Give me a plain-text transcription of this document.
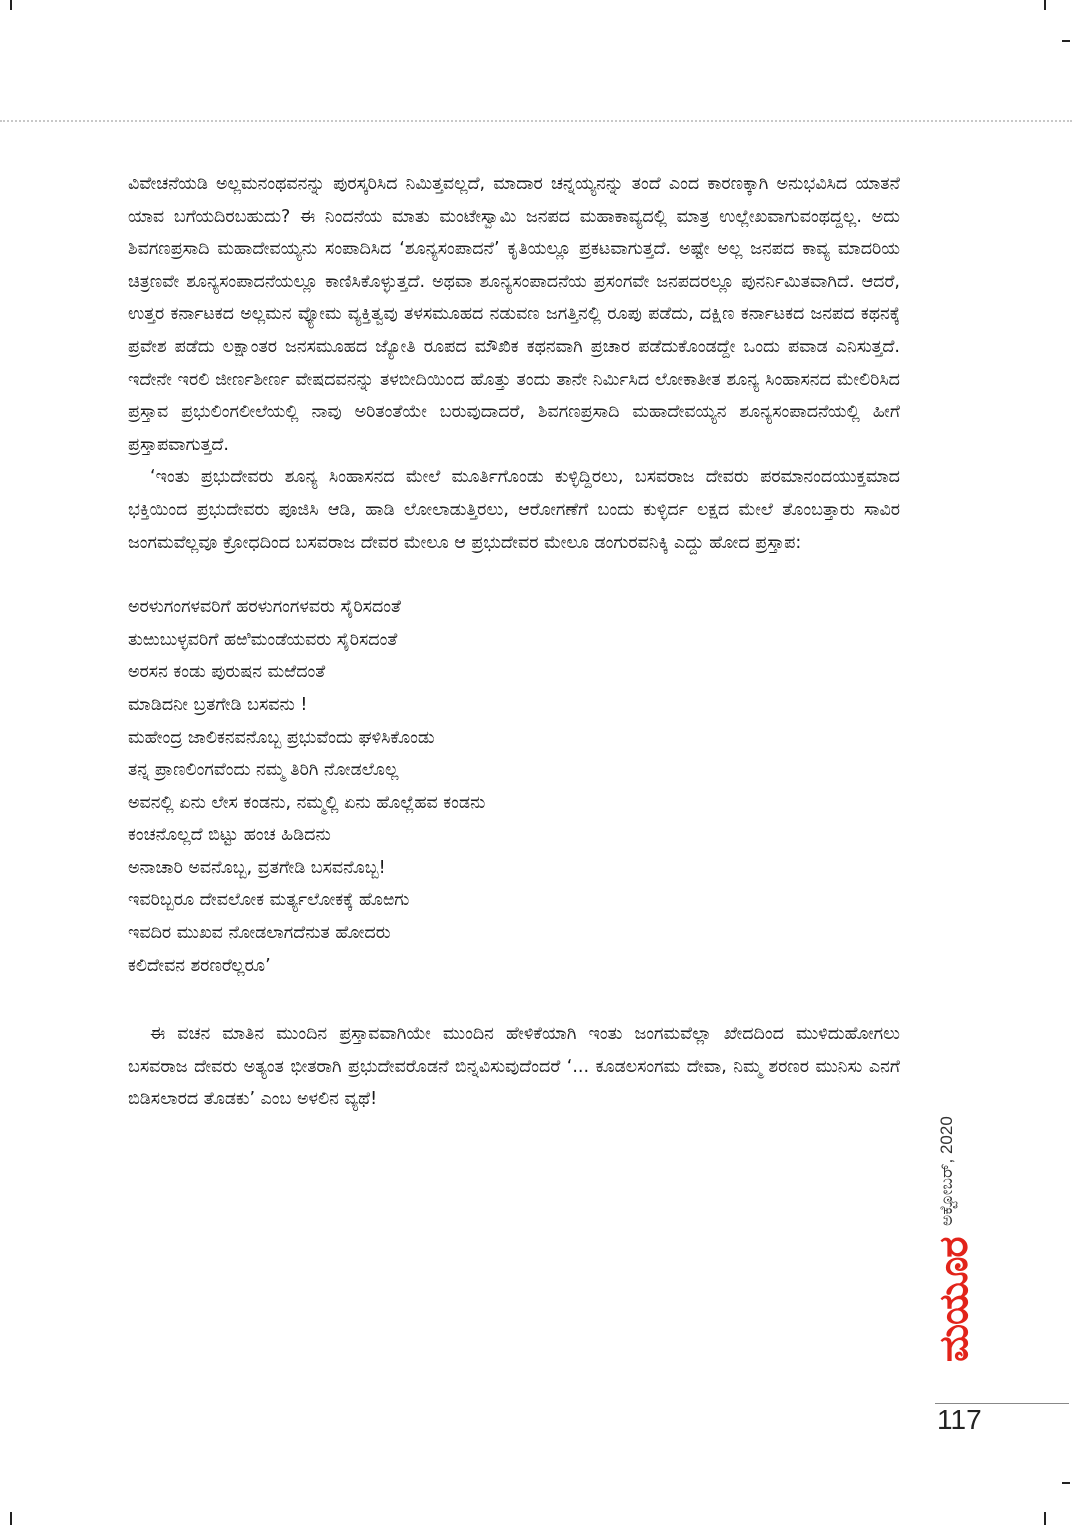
ವಿವೇಚನೆಯಡಿ ಅಲ್ಲಮನಂಥವನನ್ನು ಪುರಸ್ಕರಿಸಿದ ನಿಮಿತ್ತವಲ್ಲದೆ, ಮಾದಾರ ಚನ್ನಯ್ಯನನ್ನು ತಂದೆ ಎಂದ ಕಾರಣಕ್ಕಾಗಿ ಅನುಭವಿಸಿದ ಯಾತನೆ ಯಾವ ಬಗೆಯದಿರಬಹುದು? ಈ ನಿಂದನೆಯ ಮಾತು ಮಂಟೇಸ್ವಾಮಿ ಜನಪದ ಮಹಾಕಾವ್ಯದಲ್ಲಿ ಮಾತ್ರ ಉಲ್ಲೇಖವಾಗುವಂಥದ್ದಲ್ಲ. ಅದು ಶಿವಗಣಪ್ರಸಾದಿ ಮಹಾದೇವಯ್ಯನು ಸಂಪಾದಿಸಿದ ‘ಶೂನ್ಯಸಂಪಾದನೆ’ ಕೃತಿಯಲ್ಲೂ ಪ್ರಕಟವಾಗುತ್ತದೆ. ಅಷ್ಟೇ ಅಲ್ಲ ಜನಪದ ಕಾವ್ಯ ಮಾದರಿಯ ಚಿತ್ರಣವೇ ಶೂನ್ಯಸಂಪಾದನೆಯಲ್ಲೂ ಕಾಣಿಸಿಕೊಳ್ಳುತ್ತದೆ. ಅಥವಾ ಶೂನ್ಯಸಂಪಾದನೆಯ ಪ್ರಸಂಗವೇ ಜನಪದರಲ್ಲೂ ಪುನರ್ನಿಮಿತವಾಗಿದೆ. ಆದರೆ, ಉತ್ತರ ಕರ್ನಾಟಕದ ಅಲ್ಲಮನ ವ್ಯೋಮ ವ್ಯಕ್ತಿತ್ವವು ತಳಸಮೂಹದ ನಡುವಣ ಜಗತ್ತಿನಲ್ಲಿ ರೂಪು ಪಡೆದು, ದಕ್ಷಿಣ ಕರ್ನಾಟಕದ ಜನಪದ ಕಥನಕ್ಕೆ ಪ್ರವೇಶ ಪಡೆದು ಲಕ್ಷಾಂತರ ಜನಸಮೂಹದ ಜ್ಯೋತಿ ರೂಪದ ಮೌಖಿಕ ಕಥನವಾಗಿ ಪ್ರಚಾರ ಪಡೆದುಕೊಂಡದ್ದೇ ಒಂದು ಪವಾಡ ಎನಿಸುತ್ತದೆ. ಇದೇನೇ ಇರಲಿ ಜೀರ್ಣಶೀರ್ಣ ವೇಷದವನನ್ನು ತಳಬೀದಿಯಿಂದ ಹೊತ್ತು ತಂದು ತಾನೇ ನಿರ್ಮಿಸಿದ ಲೋಕಾತೀತ ಶೂನ್ಯ ಸಿಂಹಾಸನದ ಮೇಲಿರಿಸಿದ ಪ್ರಸ್ತಾವ ಪ್ರಭುಲಿಂಗಲೀಲೆಯಲ್ಲಿ ನಾವು ಅರಿತಂತೆಯೇ ಬರುವುದಾದರೆ, ಶಿವಗಣಪ್ರಸಾದಿ ಮಹಾದೇವಯ್ಯನ ಶೂನ್ಯಸಂಪಾದನೆಯಲ್ಲಿ ಹೀಗೆ ಪ್ರಸ್ತಾಪವಾಗುತ್ತದೆ.

‘ಇಂತು ಪ್ರಭುದೇವರು ಶೂನ್ಯ ಸಿಂಹಾಸನದ ಮೇಲೆ ಮೂರ್ತಿಗೊಂಡು ಕುಳ್ಳಿದ್ದಿರಲು, ಬಸವರಾಜ ದೇವರು ಪರಮಾನಂದಯುಕ್ತಮಾದ ಭಕ್ತಿಯಿಂದ ಪ್ರಭುದೇವರು ಪೂಜಿಸಿ ಆಡಿ, ಹಾಡಿ ಲೋಲಾಡುತ್ತಿರಲು, ಆರೋಗಣೆಗೆ ಬಂದು ಕುಳ್ಳಿರ್ದ ಲಕ್ಷದ ಮೇಲೆ ತೊಂಬತ್ತಾರು ಸಾವಿರ ಜಂಗಮವೆಲ್ಲವೂ ಕ್ರೋಧದಿಂದ ಬಸವರಾಜ ದೇವರ ಮೇಲೂ ಆ ಪ್ರಭುದೇವರ ಮೇಲೂ ಡಂಗುರವನಿಕ್ಕಿ ಎದ್ದು ಹೋದ ಪ್ರಸ್ತಾಪ:

ಅರಳುಗಂಗಳವರಿಗೆ ಹರಳುಗಂಗಳವರು ಸೈರಿಸದಂತೆ
ತುಱುಬುಳ್ಳವರಿಗೆ ಹಱಿಮಂಡೆಯವರು ಸೈರಿಸದಂತೆ
ಅರಸನ ಕಂಡು ಪುರುಷನ ಮಱೆದಂತೆ
ಮಾಡಿದನೀ ಬ್ರತಗೇಡಿ ಬಸವನು !
ಮಹೇಂದ್ರ ಜಾಲಿಕನವನೊಬ್ಬ ಪ್ರಭುವೆಂದು ಘಳಿಸಿಕೊಂಡು
ತನ್ನ ಪ್ರಾಣಲಿಂಗವೆಂದು ನಮ್ಮ ತಿರಿಗಿ ನೋಡಲೊಲ್ಲ
ಅವನಲ್ಲಿ ಏನು ಲೇಸ ಕಂಡನು, ನಮ್ಮಲ್ಲಿ ಏನು ಹೊಲ್ಲೆಹವ ಕಂಡನು
ಕಂಚನೊಲ್ಲದೆ ಬಿಟ್ಟು ಹಂಚ ಹಿಡಿದನು
ಅನಾಚಾರಿ ಅವನೊಬ್ಬ, ವ್ರತಗೇಡಿ ಬಸವನೊಬ್ಬ!
ಇವರಿಬ್ಬರೂ ದೇವಲೋಕ ಮರ್ತ್ಯಲೋಕಕ್ಕೆ ಹೊಱಗು
ಇವದಿರ ಮುಖವ ನೋಡಲಾಗದೆನುತ ಹೋದರು
ಕಲಿದೇವನ ಶರಣರೆಲ್ಲರೂ’

ಈ ವಚನ ಮಾತಿನ ಮುಂದಿನ ಪ್ರಸ್ತಾವವಾಗಿಯೇ ಮುಂದಿನ ಹೇಳಿಕೆಯಾಗಿ ಇಂತು ಜಂಗಮವೆಲ್ಲಾ ಖೇದದಿಂದ ಮುಳಿದುಹೋಗಲು ಬಸವರಾಜ ದೇವರು ಅತ್ಯಂತ ಭೀತರಾಗಿ ಪ್ರಭುದೇವರೊಡನೆ ಬಿನ್ನವಿಸುವುದೆಂದರೆ ‘... ಕೂಡಲಸಂಗಮ ದೇವಾ, ನಿಮ್ಮ ಶರಣರ ಮುನಿಸು ಎನಗೆ ಬಿಡಿಸಲಾರದ ತೊಡಕು’ ಎಂಬ ಅಳಲಿನ ವ್ಯಥೆ!

ಅಕ್ಟೋಬರ್, 2020
ಮಯೂರ
117
